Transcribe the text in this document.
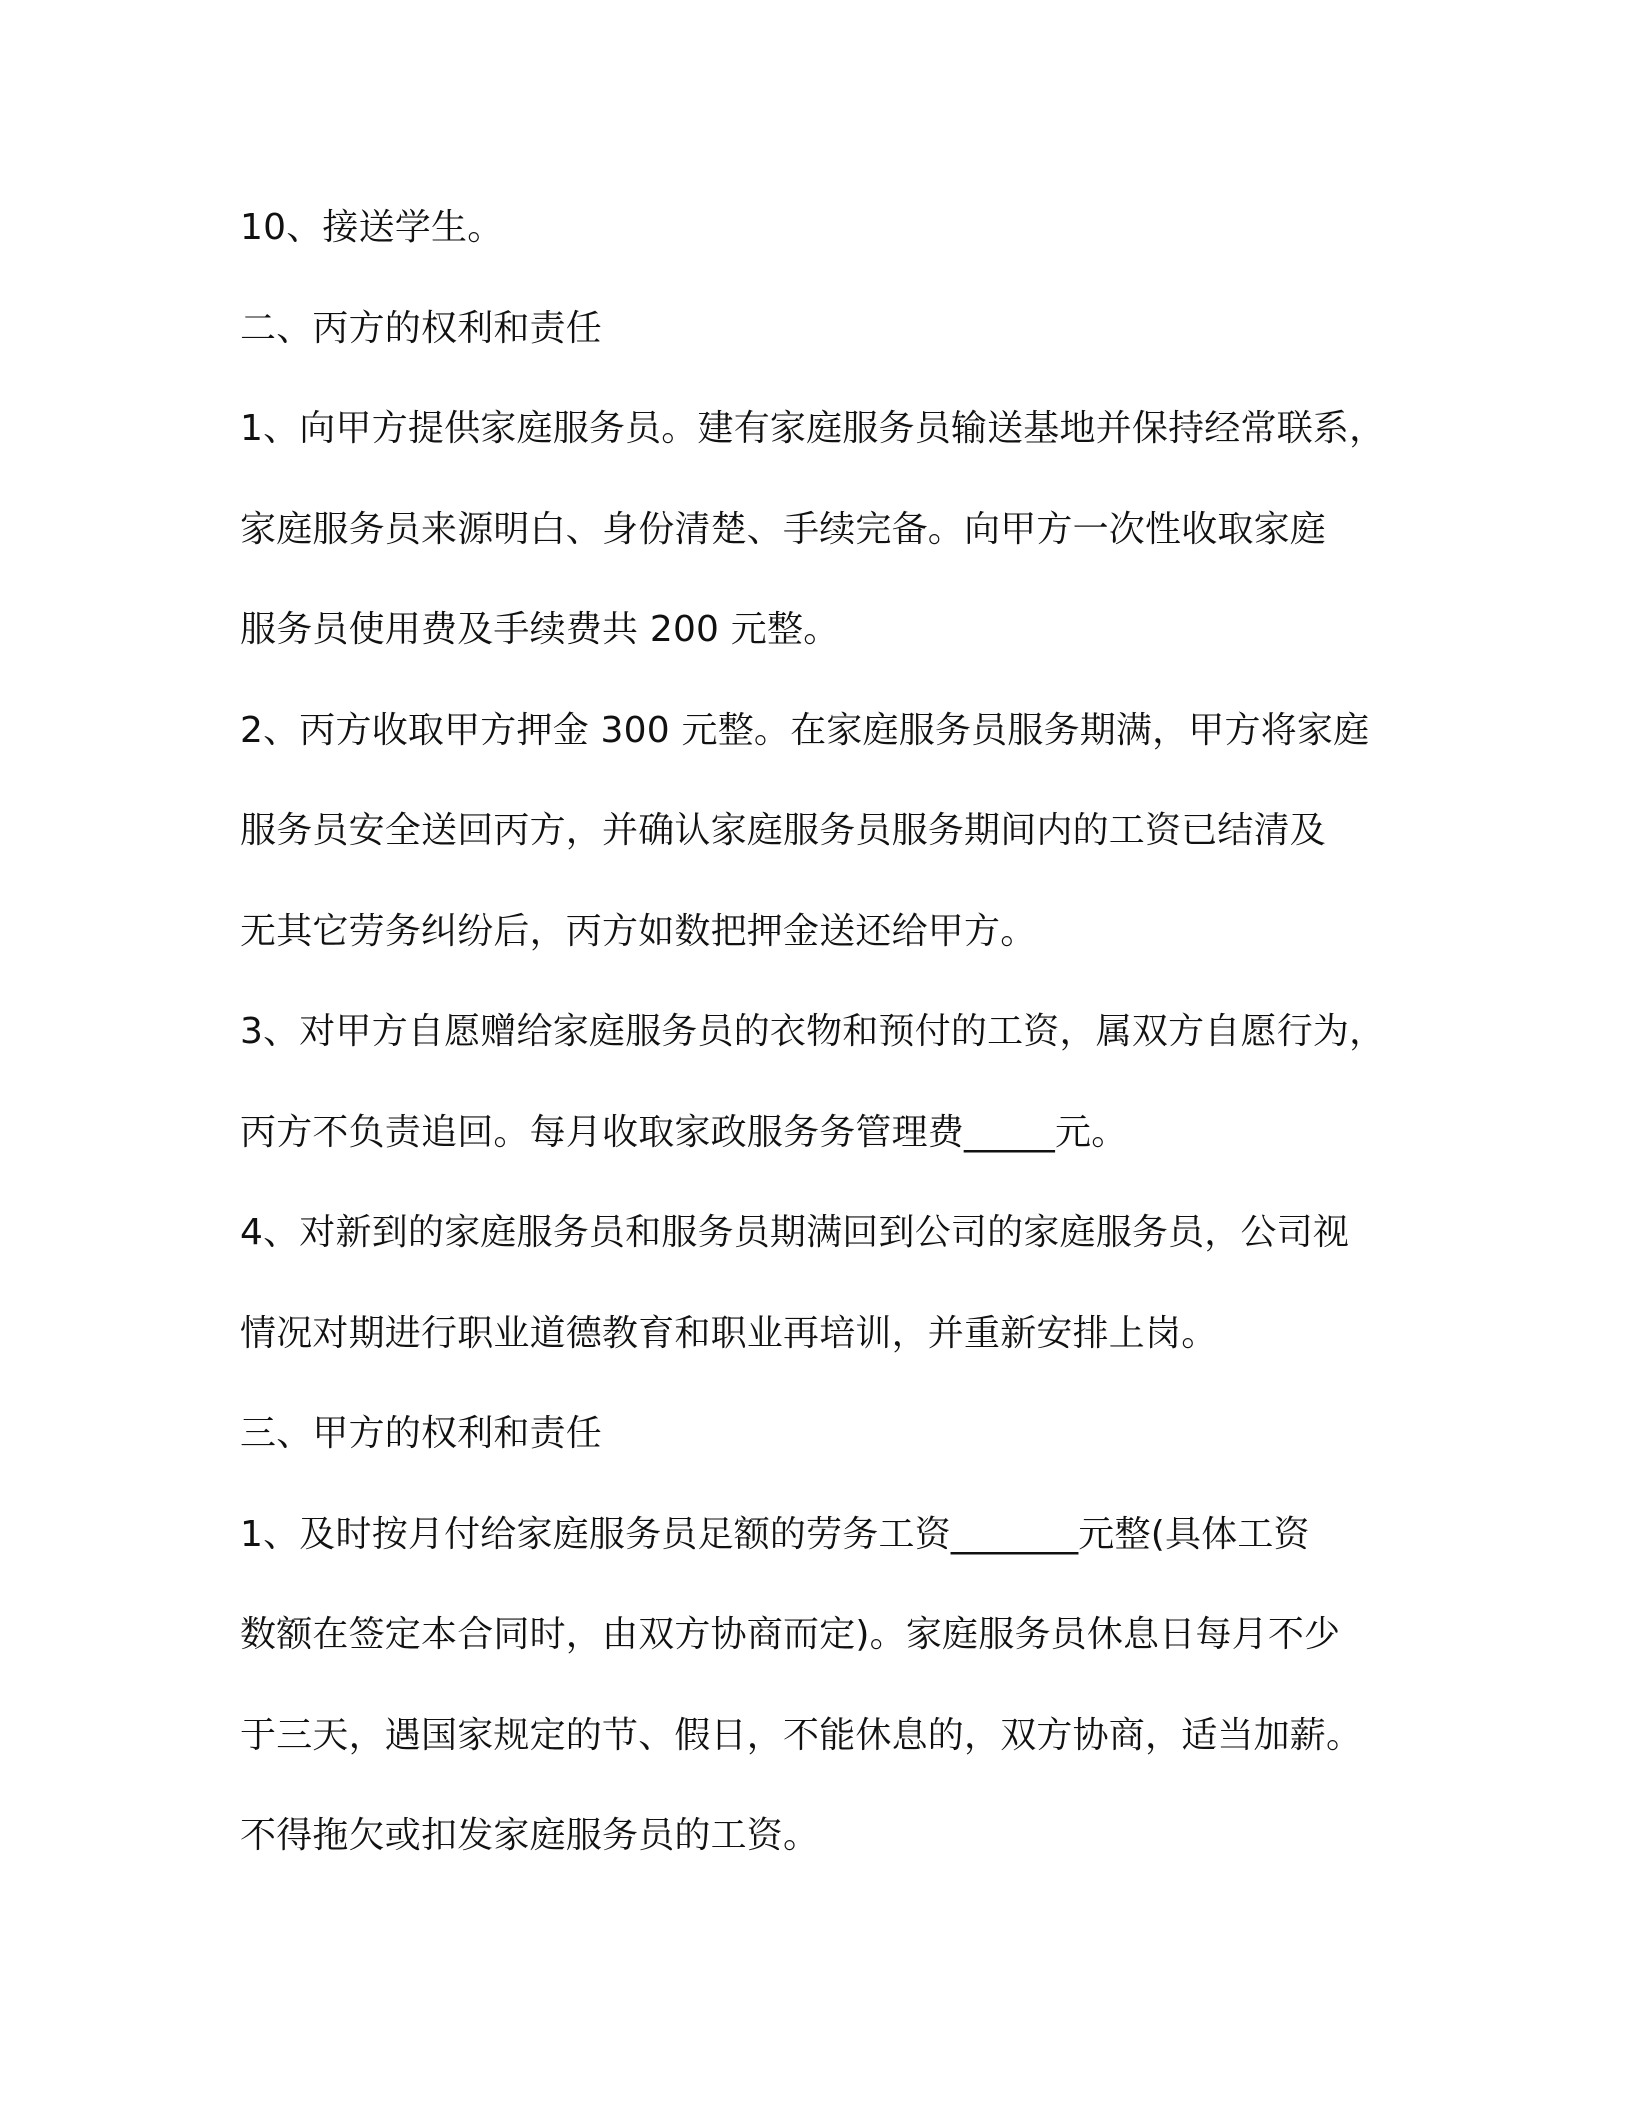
10、接送学生。
二、丙方的权利和责任
1、向甲方提供家庭服务员。建有家庭服务员输送基地并保持经常联系，
家庭服务员来源明白、身份清楚、手续完备。向甲方一次性收取家庭
服务员使用费及手续费共 200 元整。
2、丙方收取甲方押金 300 元整。在家庭服务员服务期满，甲方将家庭
服务员安全送回丙方，并确认家庭服务员服务期间内的工资已结清及
无其它劳务纠纷后，丙方如数把押金送还给甲方。
3、对甲方自愿赠给家庭服务员的衣物和预付的工资，属双方自愿行为，
丙方不负责追回。每月收取家政服务务管理费_____元。
4、对新到的家庭服务员和服务员期满回到公司的家庭服务员，公司视
情况对期进行职业道德教育和职业再培训，并重新安排上岗。
三、甲方的权利和责任
1、及时按月付给家庭服务员足额的劳务工资_______元整(具体工资
数额在签定本合同时，由双方协商而定)。家庭服务员休息日每月不少
于三天，遇国家规定的节、假日，不能休息的，双方协商，适当加薪。
不得拖欠或扣发家庭服务员的工资。
